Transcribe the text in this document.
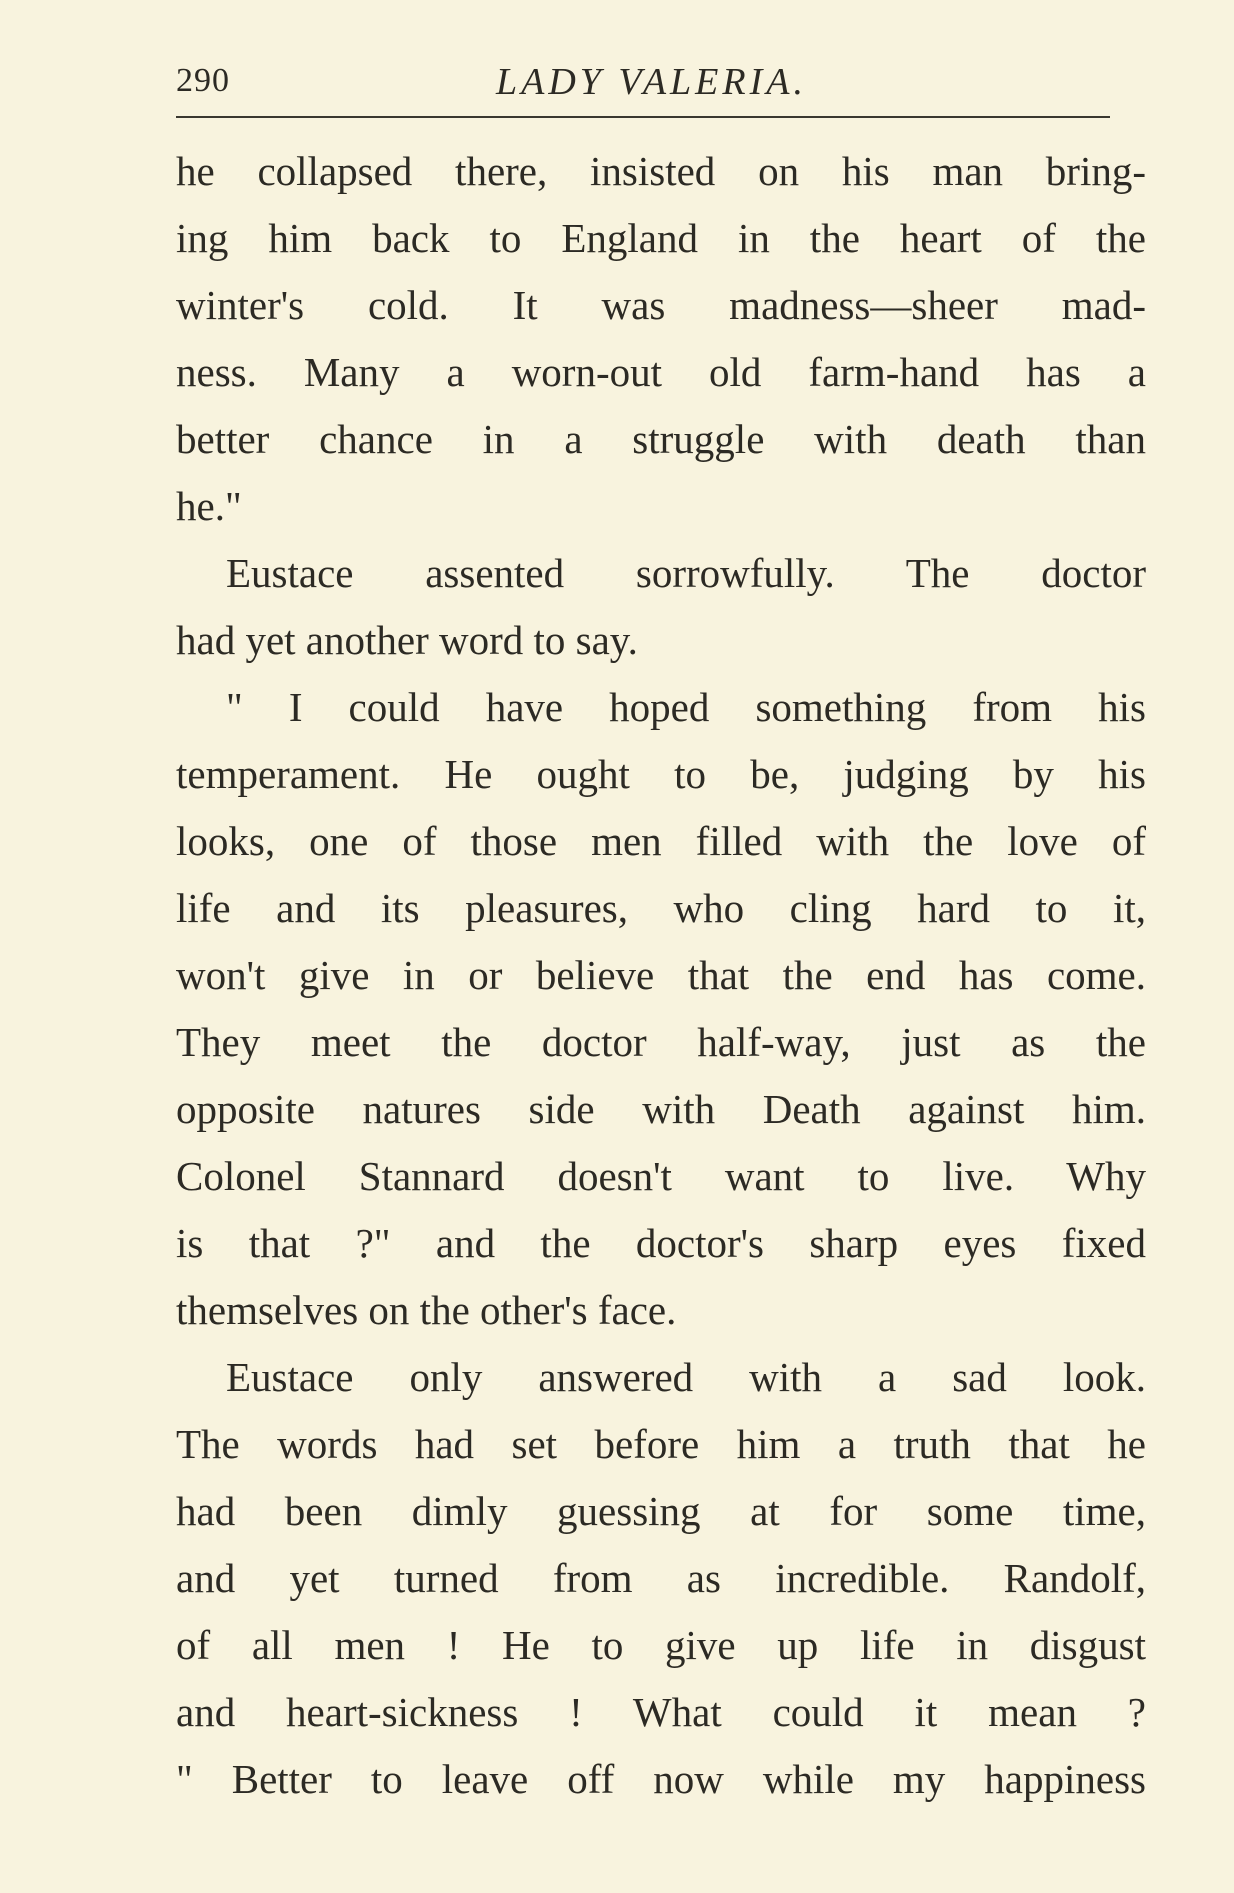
290	LADY VALERIA.
he collapsed there, insisted on his man bring-
ing him back to England in the heart of the
winter's cold. It was madness—sheer mad-
ness. Many a worn-out old farm-hand has a
better chance in a struggle with death than
he."
Eustace assented sorrowfully. The doctor
had yet another word to say.
" I could have hoped something from his
temperament. He ought to be, judging by his
looks, one of those men filled with the love of
life and its pleasures, who cling hard to it,
won't give in or believe that the end has come.
They meet the doctor half-way, just as the
opposite natures side with Death against him.
Colonel Stannard doesn't want to live. Why
is that ?" and the doctor's sharp eyes fixed
themselves on the other's face.
Eustace only answered with a sad look.
The words had set before him a truth that he
had been dimly guessing at for some time,
and yet turned from as incredible. Randolf,
of all men ! He to give up life in disgust
and heart-sickness ! What could it mean ?
" Better to leave off now while my happiness
